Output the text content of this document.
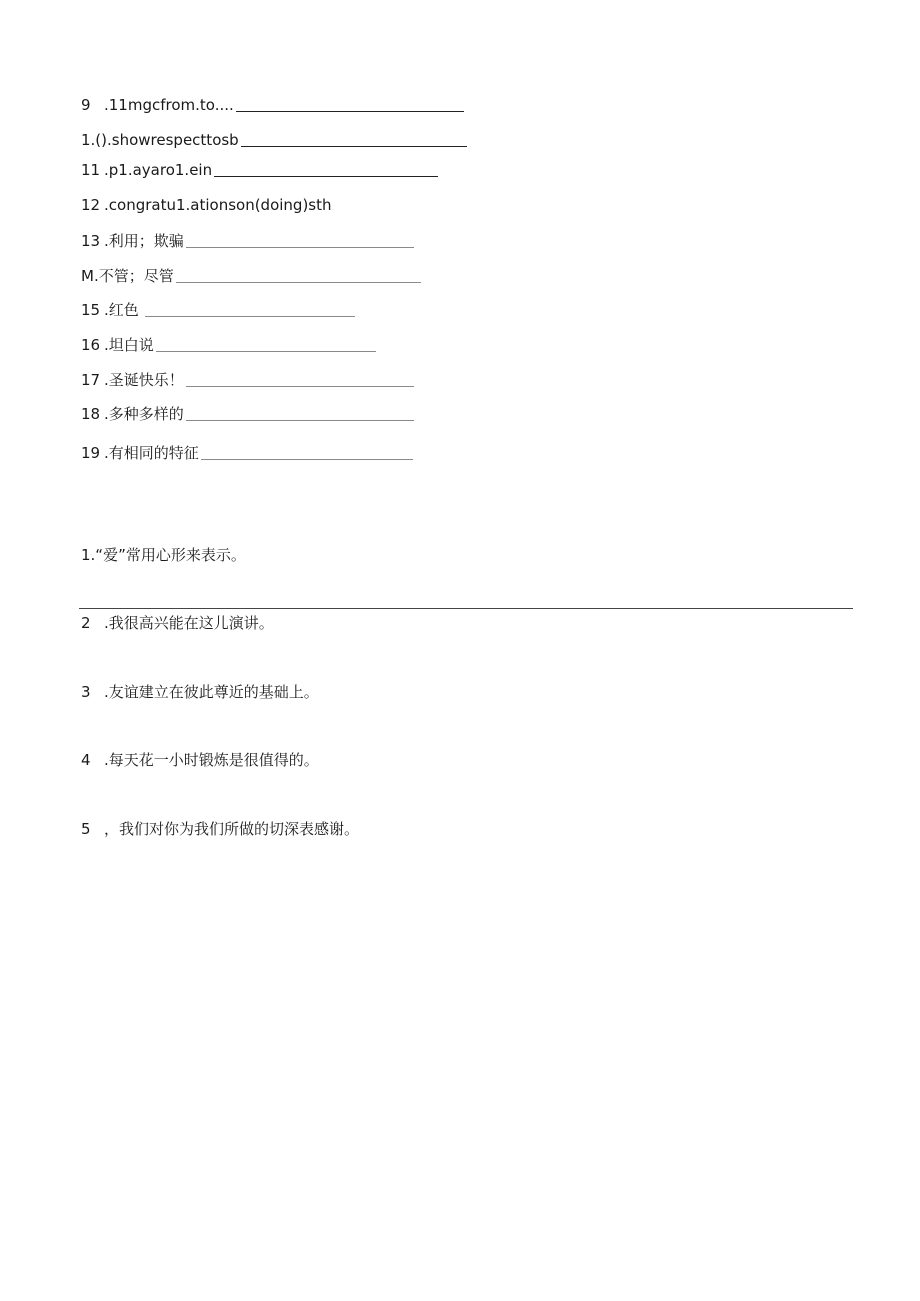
9 .11mgcfrom.to....
1.().showrespecttosb
11 .p1.ayaro1.ein
12 .congratu1.ationson(doing)sth
13 .利用；欺骗
M.不管；尽管
15 .红色
16 .坦白说
17 .圣诞快乐！
18 .多种多样的
19 .有相同的特征
1.“爱”常用心形来表示。
2 .我很高兴能在这儿演讲。
3 .友谊建立在彼此尊近的基础上。
4 .每天花一小时锻炼是很值得的。
5 ，我们对你为我们所做的切深表感谢。
